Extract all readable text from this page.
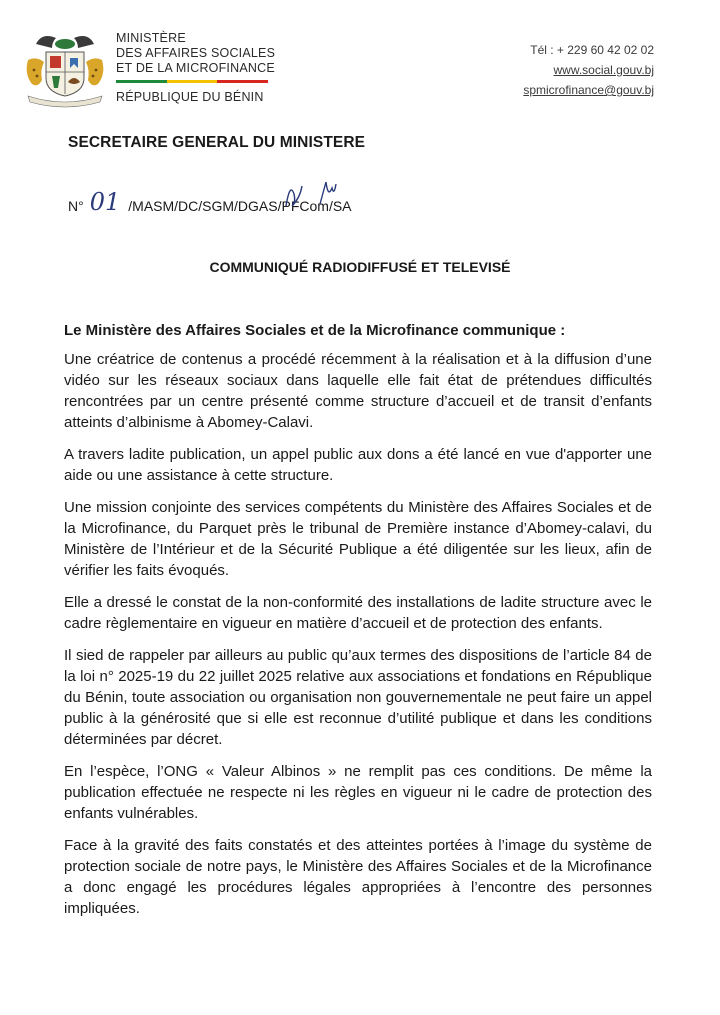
MINISTÈRE
DES AFFAIRES SOCIALES
ET DE LA MICROFINANCE
RÉPUBLIQUE DU BÉNIN
Tél : + 229 60 42 02 02
www.social.gouv.bj
spmicrofinance@gouv.bj
SECRETAIRE GENERAL DU MINISTERE
N° 01 /MASM/DC/SGM/DGAS/PFCom/SA
COMMUNIQUÉ RADIODIFFUSÉ ET TELEVISÉ

Le Ministère des Affaires Sociales et de la Microfinance communique :

Une créatrice de contenus a procédé récemment à la réalisation et à la diffusion d’une vidéo sur les réseaux sociaux dans laquelle elle fait état de prétendues difficultés rencontrées par un centre présenté comme structure d’accueil et de transit d’enfants atteints d’albinisme à Abomey-Calavi.

A travers ladite publication, un appel public aux dons a été lancé en vue d'apporter une aide ou une assistance à cette structure.

Une mission conjointe des services compétents du Ministère des Affaires Sociales et de la Microfinance, du Parquet près le tribunal de Première instance d’Abomey-calavi, du Ministère de l’Intérieur et de la Sécurité Publique a été diligentée sur les lieux, afin de vérifier les faits évoqués.

Elle a dressé le constat de la non-conformité des installations de ladite structure avec le cadre règlementaire en vigueur en matière d’accueil et de protection des enfants.

Il sied de rappeler par ailleurs au public qu’aux termes des dispositions de l’article 84 de la loi n° 2025-19 du 22 juillet 2025 relative aux associations et fondations en République du Bénin, toute association ou organisation non gouvernementale ne peut faire un appel public à la générosité que si elle est reconnue d’utilité publique et dans les conditions déterminées par décret.

En l’espèce, l’ONG « Valeur Albinos » ne remplit pas ces conditions. De même la publication effectuée ne respecte ni les règles en vigueur ni le cadre de protection des enfants vulnérables.

Face à la gravité des faits constatés et des atteintes portées à l’image du système de protection sociale de notre pays, le Ministère des Affaires Sociales et de la Microfinance a donc engagé les procédures légales appropriées à l’encontre des personnes impliquées.
